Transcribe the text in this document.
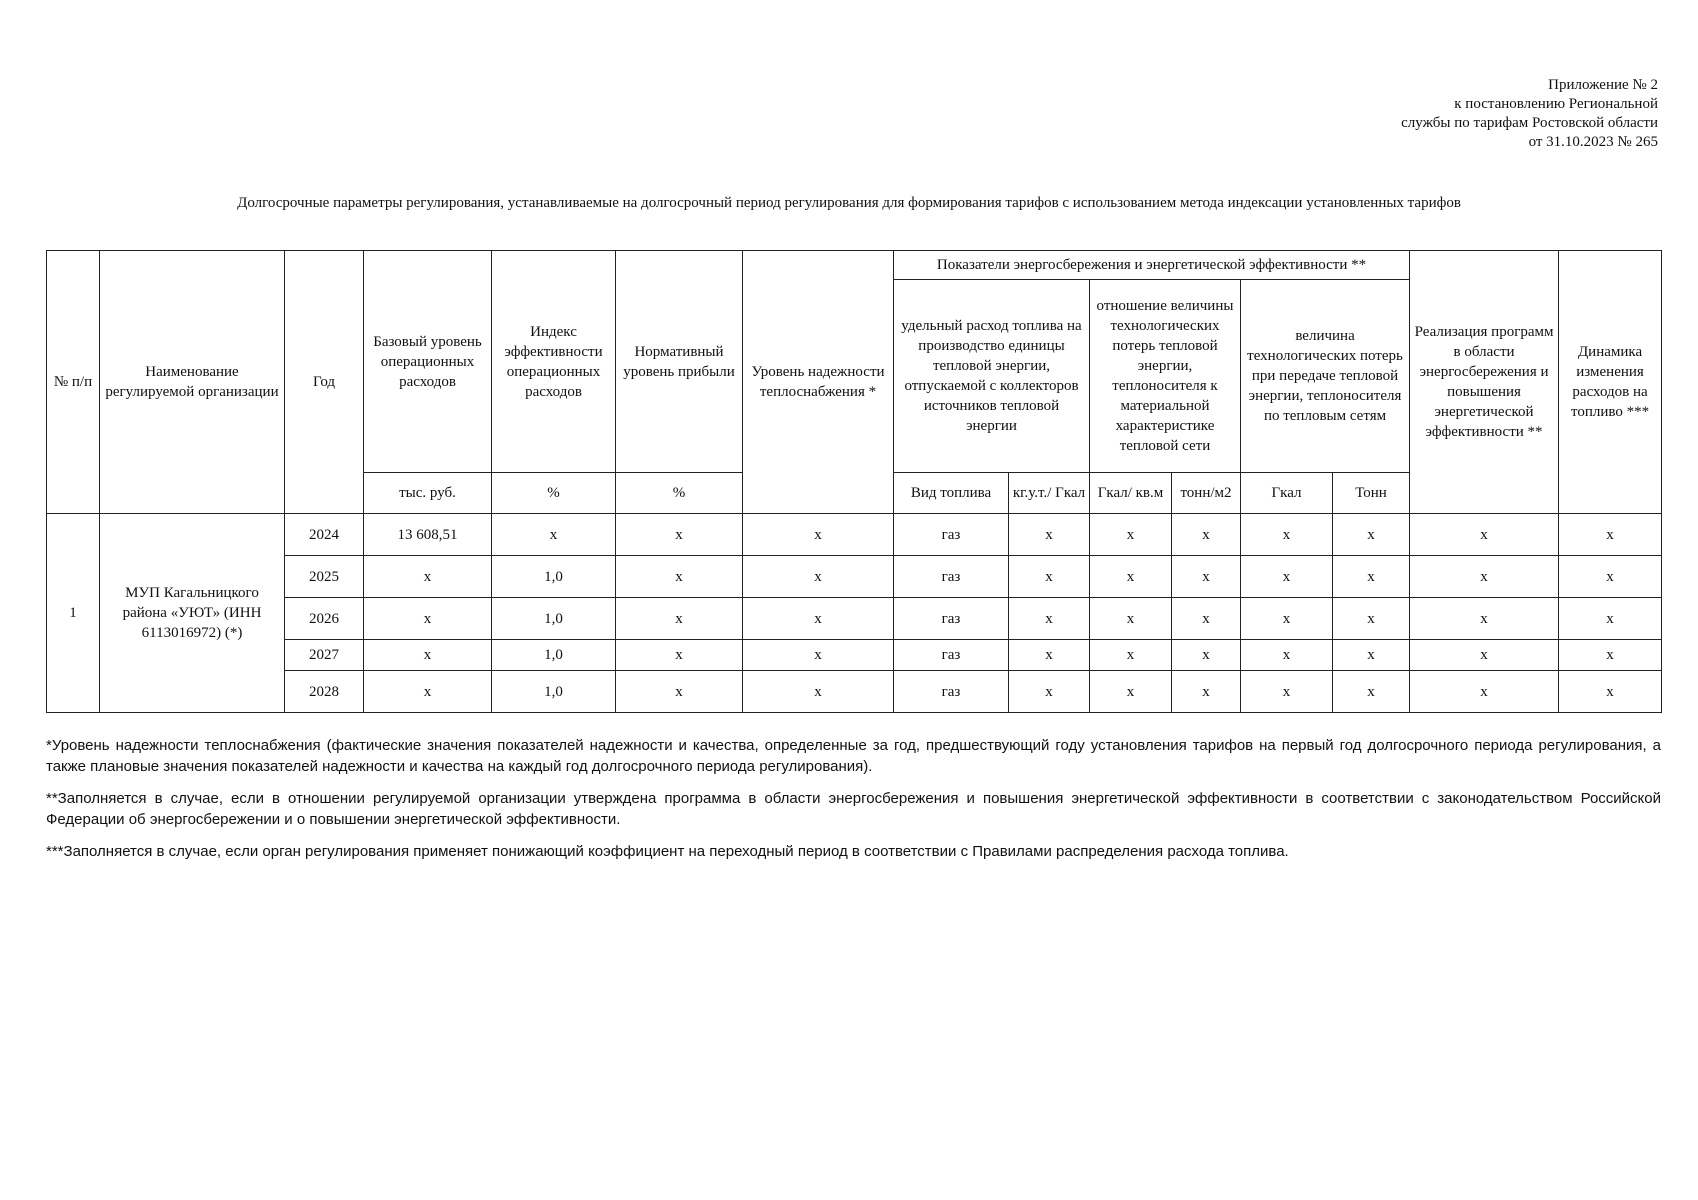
Приложение № 2
к постановлению Региональной
службы по тарифам Ростовской области
от 31.10.2023 № 265
Долгосрочные параметры регулирования, устанавливаемые на долгосрочный период регулирования для формирования тарифов с использованием метода индексации установленных тарифов
№ п/п	Наименование регулируемой организации	Год	Базовый уровень операционных расходов	Индекс эффективности операционных расходов	Нормативный уровень прибыли	Уровень надежности теплоснабжения *	Показатели энергосбережения и энергетической эффективности **						Реализация программ в области энергосбережения и повышения энергетической эффективности **	Динамика изменения расходов на топливо ***
							удельный расход топлива на производство единицы тепловой энергии, отпускаемой с коллекторов источников тепловой энергии		отношение величины технологических потерь тепловой энергии, теплоносителя к материальной характеристике тепловой сети		величина технологических потерь при передаче тепловой энергии, теплоносителя по тепловым сетям			
			тыс. руб.	%	%		Вид топлива	кг.у.т./ Гкал	Гкал/ кв.м	тонн/м2	Гкал	Тонн		
1	МУП Кагальницкого района «УЮТ» (ИНН 6113016972) (*)	2024	13 608,51	х	х	х	газ	х	х	х	х	х	х	х
		2025	х	1,0	х	х	газ	х	х	х	х	х	х	х
		2026	х	1,0	х	х	газ	х	х	х	х	х	х	х
		2027	х	1,0	х	х	газ	х	х	х	х	х	х	х
		2028	х	1,0	х	х	газ	х	х	х	х	х	х	х

*Уровень надежности теплоснабжения (фактические значения показателей надежности и качества, определенные за год, предшествующий году установления тарифов на первый год долгосрочного периода регулирования, а также плановые значения показателей надежности и качества на каждый год долгосрочного периода регулирования).

**Заполняется в случае, если в отношении регулируемой организации утверждена программа в области энергосбережения и повышения энергетической эффективности в соответствии с законодательством Российской Федерации об энергосбережении и о повышении энергетической эффективности.

***Заполняется в случае, если орган регулирования применяет понижающий коэффициент на переходный период в соответствии с Правилами распределения расхода топлива.
